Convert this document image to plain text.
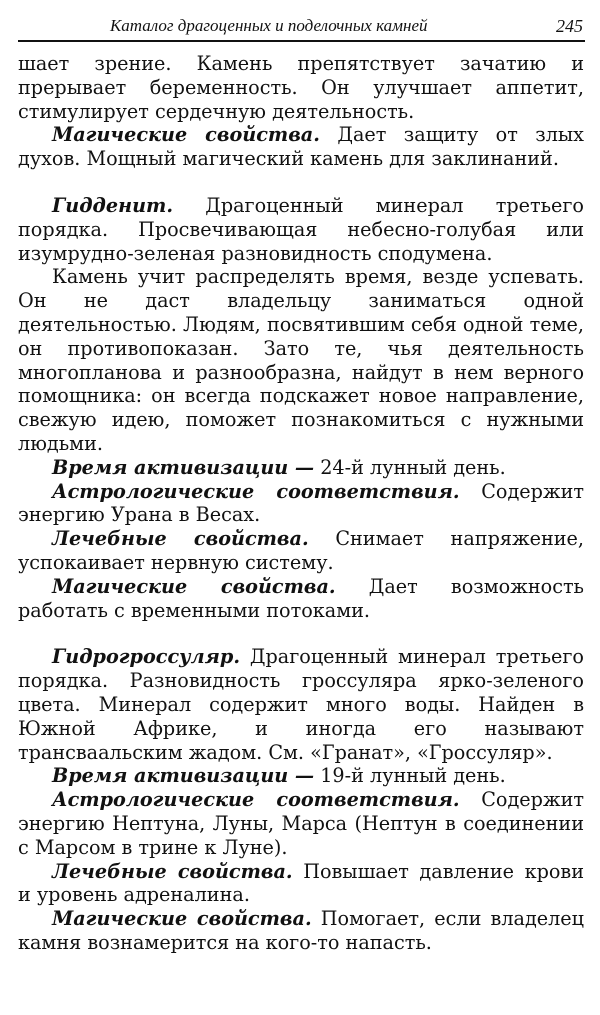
Каталог драгоценных и поделочных камней	245

шает зрение. Камень препятствует зачатию и прерывает беременность. Он улучшает аппетит, стимулирует сердечную деятельность.

Магические свойства. Дает защиту от злых духов. Мощный магический камень для заклинаний.

Гидденит. Драгоценный минерал третьего порядка. Просвечивающая небесно-голубая или изумрудно-зеленая разновидность сподумена.

Камень учит распределять время, везде успевать. Он не даст владельцу заниматься одной деятельностью. Людям, посвятившим себя одной теме, он противопоказан. Зато те, чья деятельность многопланова и разнообразна, найдут в нем верного помощника: он всегда подскажет новое направление, свежую идею, поможет познакомиться с нужными людьми.

Время активизации — 24-й лунный день.

Астрологические соответствия. Содержит энергию Урана в Весах.

Лечебные свойства. Снимает напряжение, успокаивает нервную систему.

Магические свойства. Дает возможность работать с временными потоками.

Гидрогроссуляр. Драгоценный минерал третьего порядка. Разновидность гроссуляра ярко-зеленого цвета. Минерал содержит много воды. Найден в Южной Африке, и иногда его называют трансваальским жадом. См. «Гранат», «Гроссуляр».

Время активизации — 19-й лунный день.

Астрологические соответствия. Содержит энергию Нептуна, Луны, Марса (Нептун в соединении с Марсом в трине к Луне).

Лечебные свойства. Повышает давление крови и уровень адреналина.

Магические свойства. Помогает, если владелец камня вознамерится на кого-то напасть.
